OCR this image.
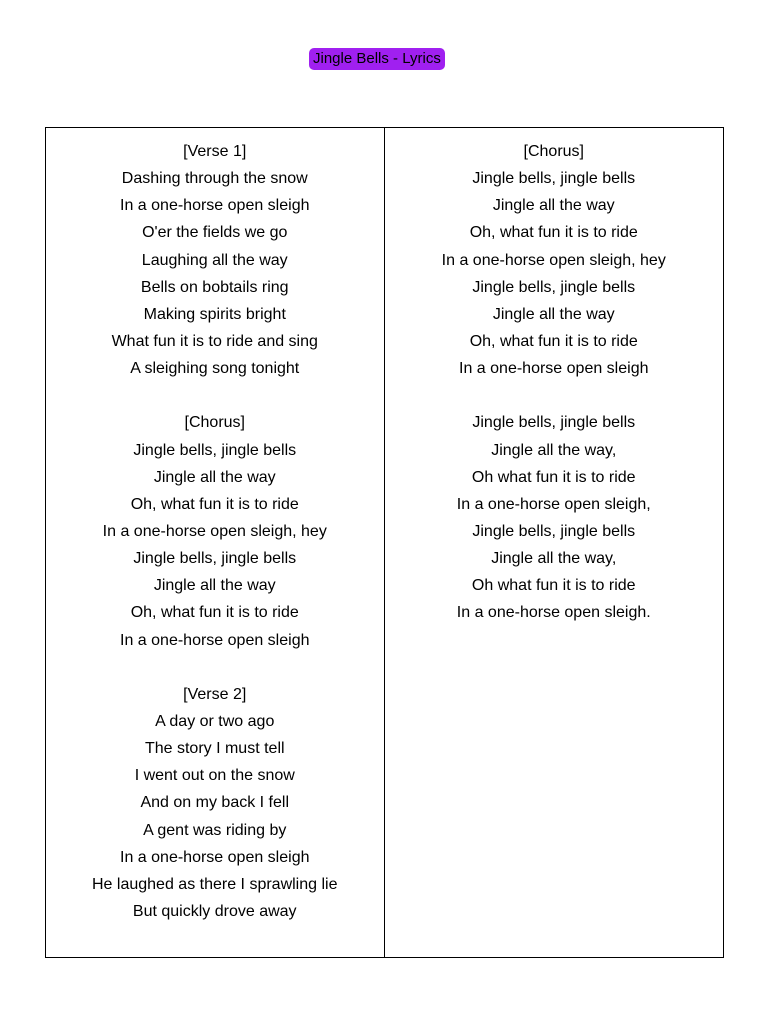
Jingle Bells - Lyrics
[Verse 1]
Dashing through the snow
In a one-horse open sleigh
O'er the fields we go
Laughing all the way
Bells on bobtails ring
Making spirits bright
What fun it is to ride and sing
A sleighing song tonight
[Chorus]
Jingle bells, jingle bells
Jingle all the way
Oh, what fun it is to ride
In a one-horse open sleigh, hey
Jingle bells, jingle bells
Jingle all the way
Oh, what fun it is to ride
In a one-horse open sleigh
[Verse 2]
A day or two ago
The story I must tell
I went out on the snow
And on my back I fell
A gent was riding by
In a one-horse open sleigh
He laughed as there I sprawling lie
But quickly drove away
[Chorus]
Jingle bells, jingle bells
Jingle all the way
Oh, what fun it is to ride
In a one-horse open sleigh, hey
Jingle bells, jingle bells
Jingle all the way
Oh, what fun it is to ride
In a one-horse open sleigh
Jingle bells, jingle bells
Jingle all the way,
Oh what fun it is to ride
In a one-horse open sleigh,
Jingle bells, jingle bells
Jingle all the way,
Oh what fun it is to ride
In a one-horse open sleigh.
